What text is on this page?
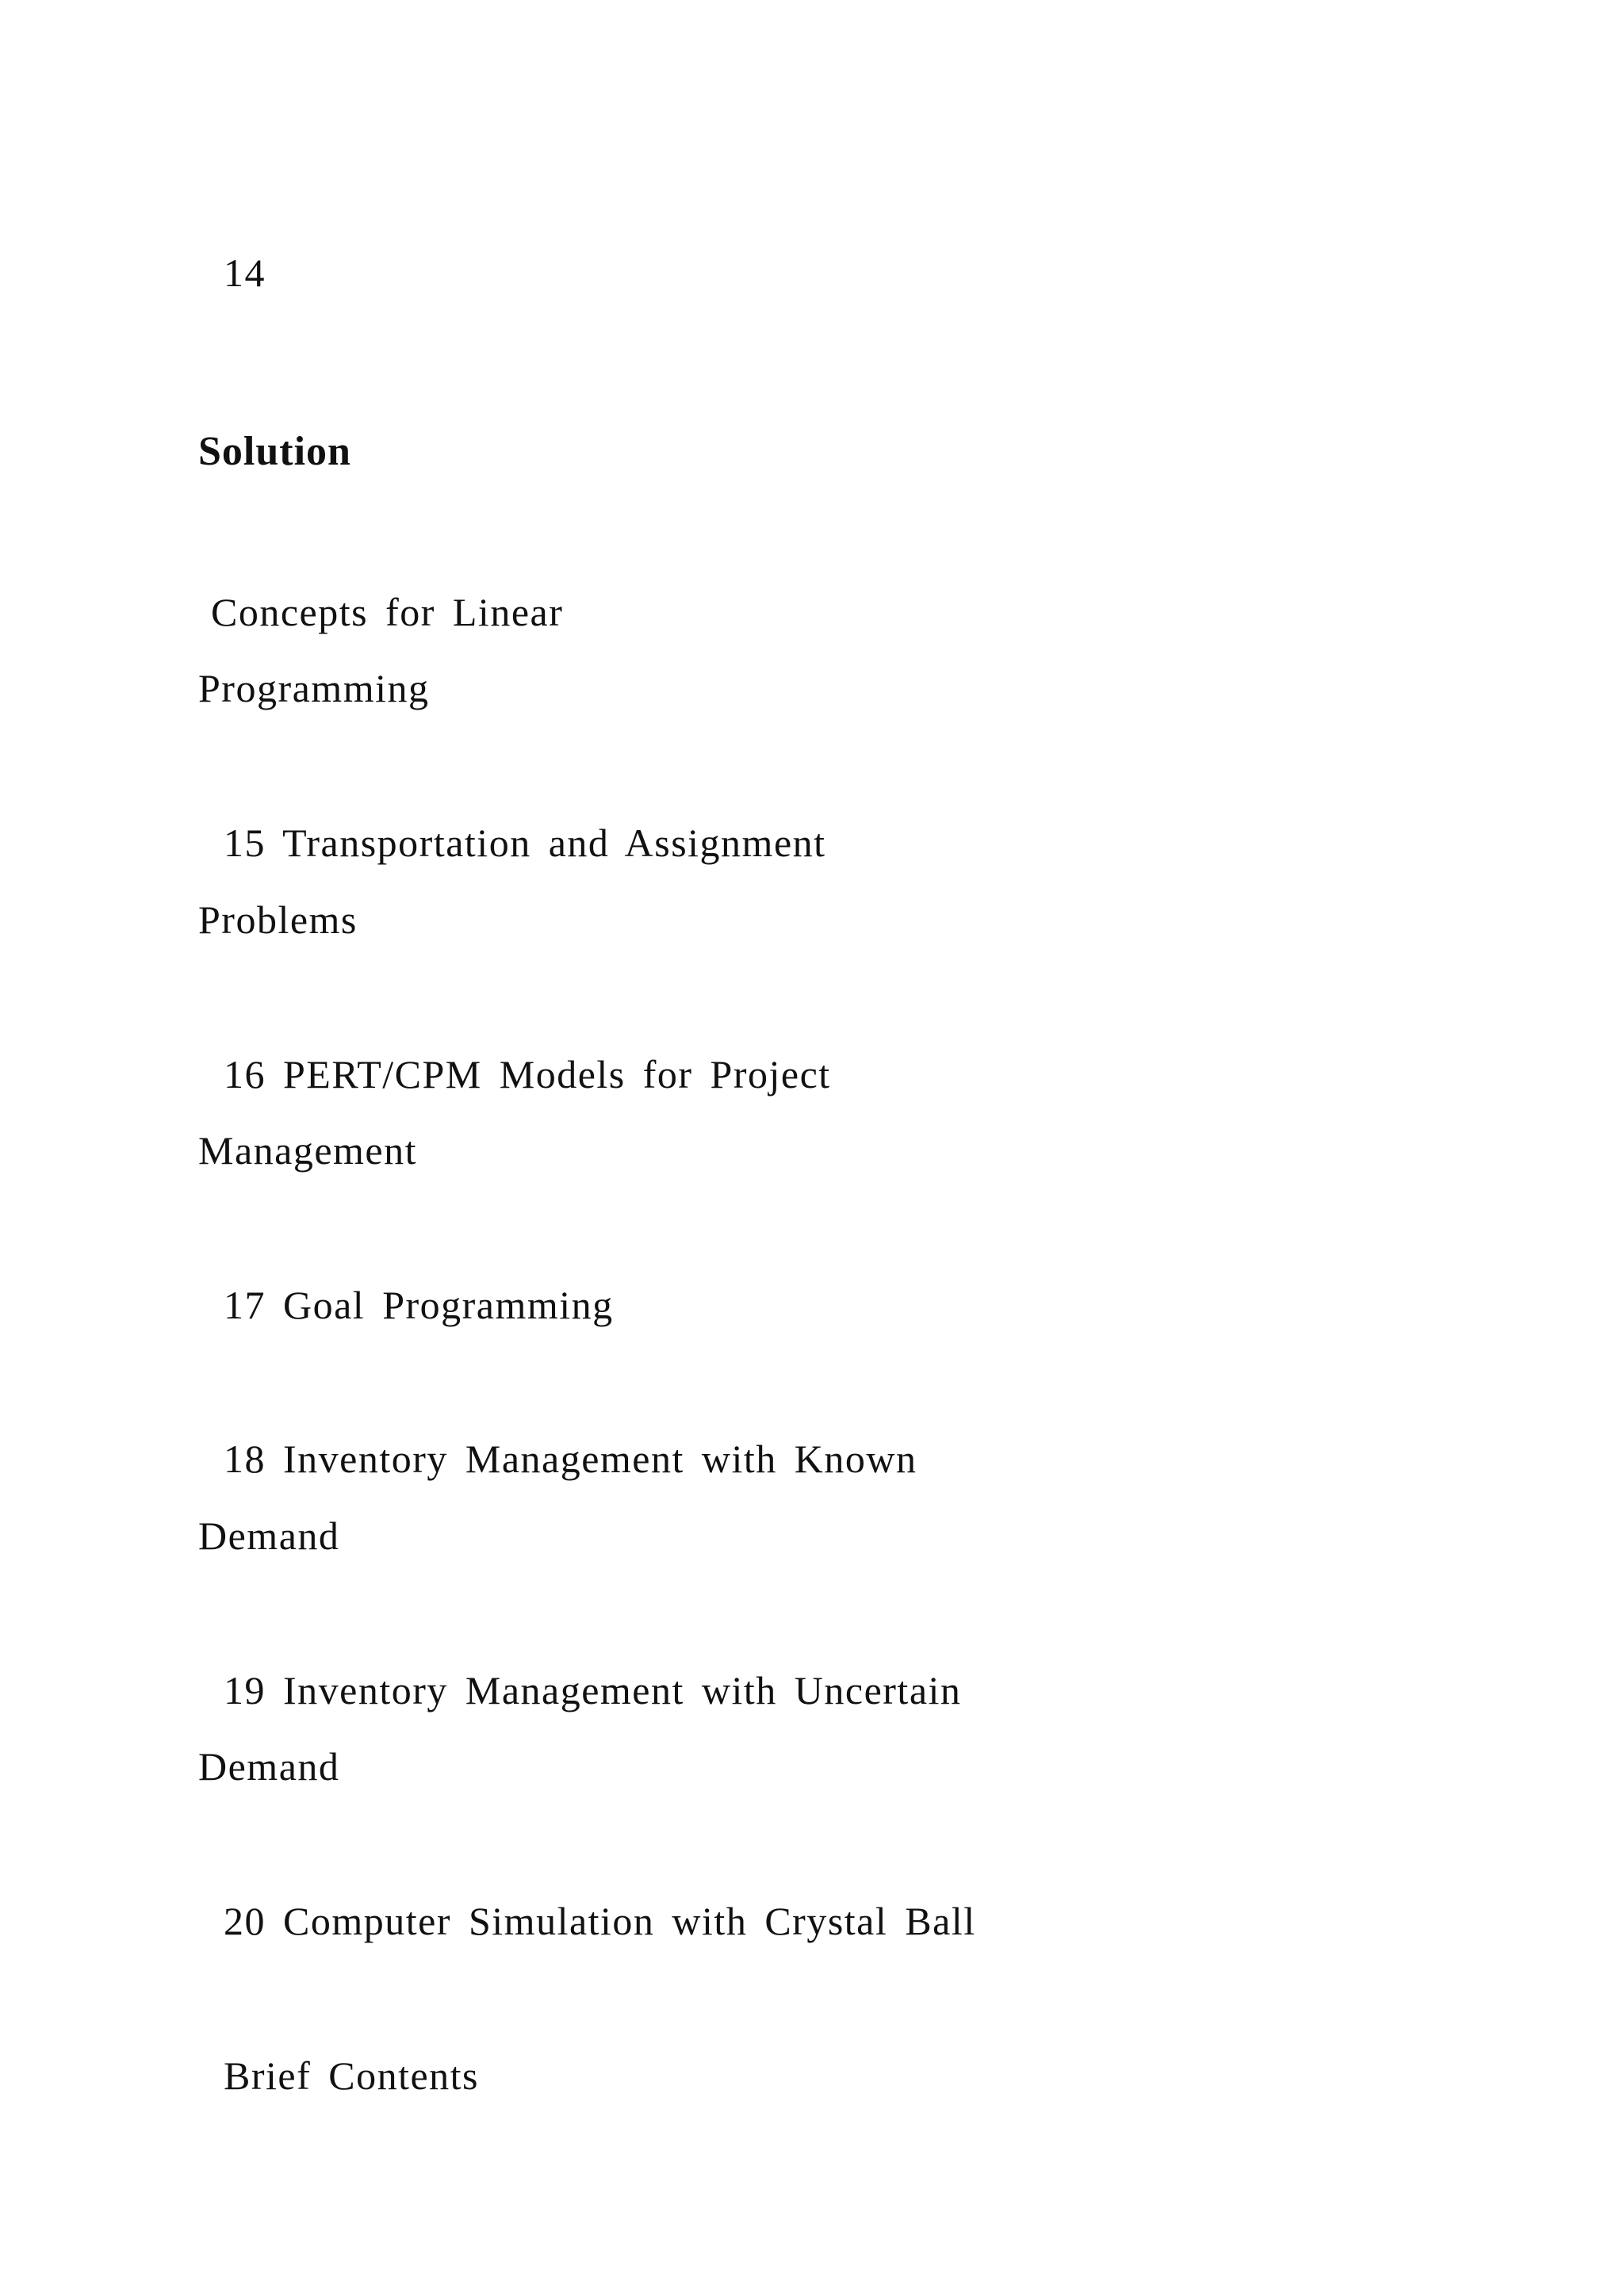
14

Solution

Concepts for Linear

Programming

15 Transportation and Assignment

Problems

16 PERT/CPM Models for Project

Management

17 Goal Programming

18 Inventory Management with Known

Demand

19 Inventory Management with Uncertain

Demand

20 Computer Simulation with Crystal Ball

Brief Contents
